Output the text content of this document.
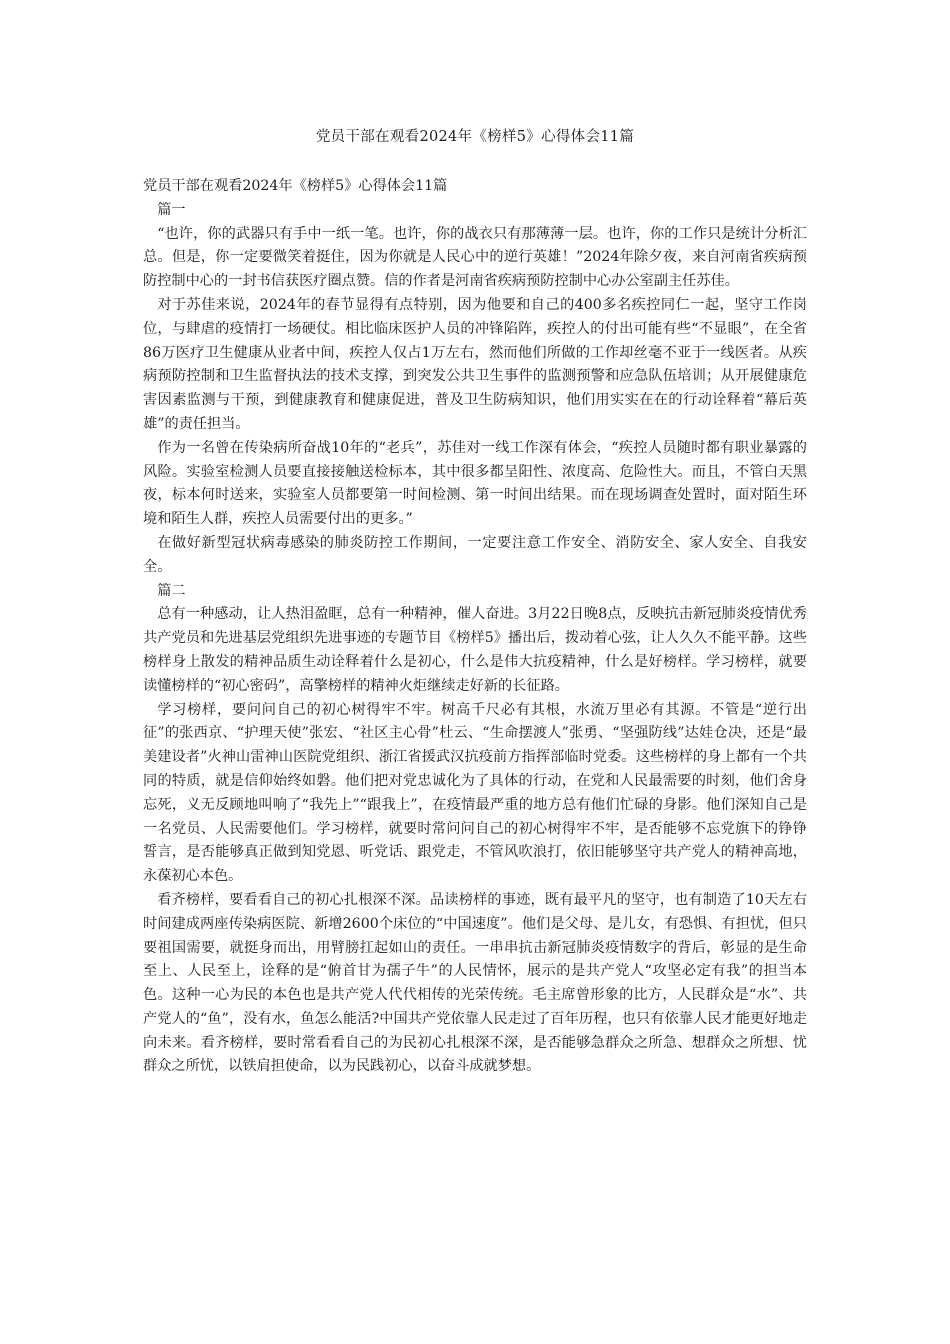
党员干部在观看2024年《榜样5》心得体会11篇

党员干部在观看2024年《榜样5》心得体会11篇

篇一

“也许，你的武器只有手中一纸一笔。也许，你的战衣只有那薄薄一层。也许，你的工作只是统计分析汇总。但是，你一定要微笑着挺住，因为你就是人民心中的逆行英雄！”2024年除夕夜，来自河南省疾病预防控制中心的一封书信获医疗圈点赞。信的作者是河南省疾病预防控制中心办公室副主任苏佳。

对于苏佳来说，2024年的春节显得有点特别，因为他要和自己的400多名疾控同仁一起，坚守工作岗位，与肆虐的疫情打一场硬仗。相比临床医护人员的冲锋陷阵，疾控人的付出可能有些“不显眼”，在全省86万医疗卫生健康从业者中间，疾控人仅占1万左右，然而他们所做的工作却丝毫不亚于一线医者。从疾病预防控制和卫生监督执法的技术支撑，到突发公共卫生事件的监测预警和应急队伍培训；从开展健康危害因素监测与干预，到健康教育和健康促进，普及卫生防病知识，他们用实实在在的行动诠释着“幕后英雄”的责任担当。

作为一名曾在传染病所奋战10年的“老兵”，苏佳对一线工作深有体会，“疾控人员随时都有职业暴露的风险。实验室检测人员要直接接触送检标本，其中很多都呈阳性、浓度高、危险性大。而且，不管白天黑夜，标本何时送来，实验室人员都要第一时间检测、第一时间出结果。而在现场调查处置时，面对陌生环境和陌生人群，疾控人员需要付出的更多。”

在做好新型冠状病毒感染的肺炎防控工作期间，一定要注意工作安全、消防安全、家人安全、自我安全。

篇二

总有一种感动，让人热泪盈眶，总有一种精神，催人奋进。3月22日晚8点，反映抗击新冠肺炎疫情优秀共产党员和先进基层党组织先进事迹的专题节目《榜样5》播出后，拨动着心弦，让人久久不能平静。这些榜样身上散发的精神品质生动诠释着什么是初心，什么是伟大抗疫精神，什么是好榜样。学习榜样，就要读懂榜样的“初心密码”，高擎榜样的精神火炬继续走好新的长征路。

学习榜样，要问问自己的初心树得牢不牢。树高千尺必有其根，水流万里必有其源。不管是“逆行出征”的张西京、“护理天使”张宏、“社区主心骨”杜云、“生命摆渡人”张勇、“坚强防线”达娃仓决，还是“最美建设者”火神山雷神山医院党组织、浙江省援武汉抗疫前方指挥部临时党委。这些榜样的身上都有一个共同的特质，就是信仰始终如磐。他们把对党忠诚化为了具体的行动，在党和人民最需要的时刻，他们舍身忘死，义无反顾地叫响了“我先上”“跟我上”，在疫情最严重的地方总有他们忙碌的身影。他们深知自己是一名党员、人民需要他们。学习榜样，就要时常问问自己的初心树得牢不牢，是否能够不忘党旗下的铮铮誓言，是否能够真正做到知党恩、听党话、跟党走，不管风吹浪打，依旧能够坚守共产党人的精神高地，永葆初心本色。

看齐榜样，要看看自己的初心扎根深不深。品读榜样的事迹，既有最平凡的坚守，也有制造了10天左右时间建成两座传染病医院、新增2600个床位的“中国速度”。他们是父母、是儿女，有恐惧、有担忧，但只要祖国需要，就挺身而出，用臂膀扛起如山的责任。一串串抗击新冠肺炎疫情数字的背后，彰显的是生命至上、人民至上，诠释的是“俯首甘为孺子牛”的人民情怀，展示的是共产党人“攻坚必定有我”的担当本色。这种一心为民的本色也是共产党人代代相传的光荣传统。毛主席曾形象的比方，人民群众是“水”、共产党人的“鱼”，没有水，鱼怎么能活?中国共产党依靠人民走过了百年历程，也只有依靠人民才能更好地走向未来。看齐榜样，要时常看看自己的为民初心扎根深不深，是否能够急群众之所急、想群众之所想、忧群众之所忧，以铁肩担使命，以为民践初心，以奋斗成就梦想。
